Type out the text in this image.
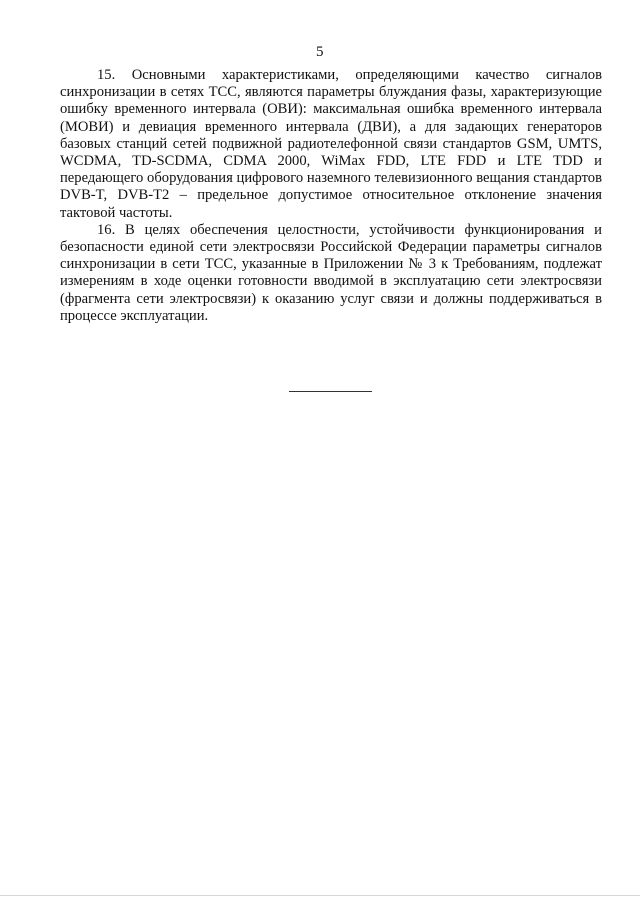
5

15. Основными характеристиками, определяющими качество сигналов синхронизации в сетях ТСС, являются параметры блуждания фазы, характеризующие ошибку временного интервала (ОВИ): максимальная ошибка временного интервала (МОВИ) и девиация временного интервала (ДВИ), а для задающих генераторов базовых станций сетей подвижной радиотелефонной связи стандартов GSM, UMTS, WCDMA, TD-SCDMA, CDMA 2000, WiMax FDD, LTE FDD и LTE TDD и передающего оборудования цифрового наземного телевизионного вещания стандартов DVB-T, DVB-T2 – предельное допустимое относительное отклонение значения тактовой частоты.

16. В целях обеспечения целостности, устойчивости функционирования и безопасности единой сети электросвязи Российской Федерации параметры сигналов синхронизации в сети ТСС, указанные в Приложении № 3 к Требованиям, подлежат измерениям в ходе оценки готовности вводимой в эксплуатацию сети электросвязи (фрагмента сети электросвязи) к оказанию услуг связи и должны поддерживаться в процессе эксплуатации.
